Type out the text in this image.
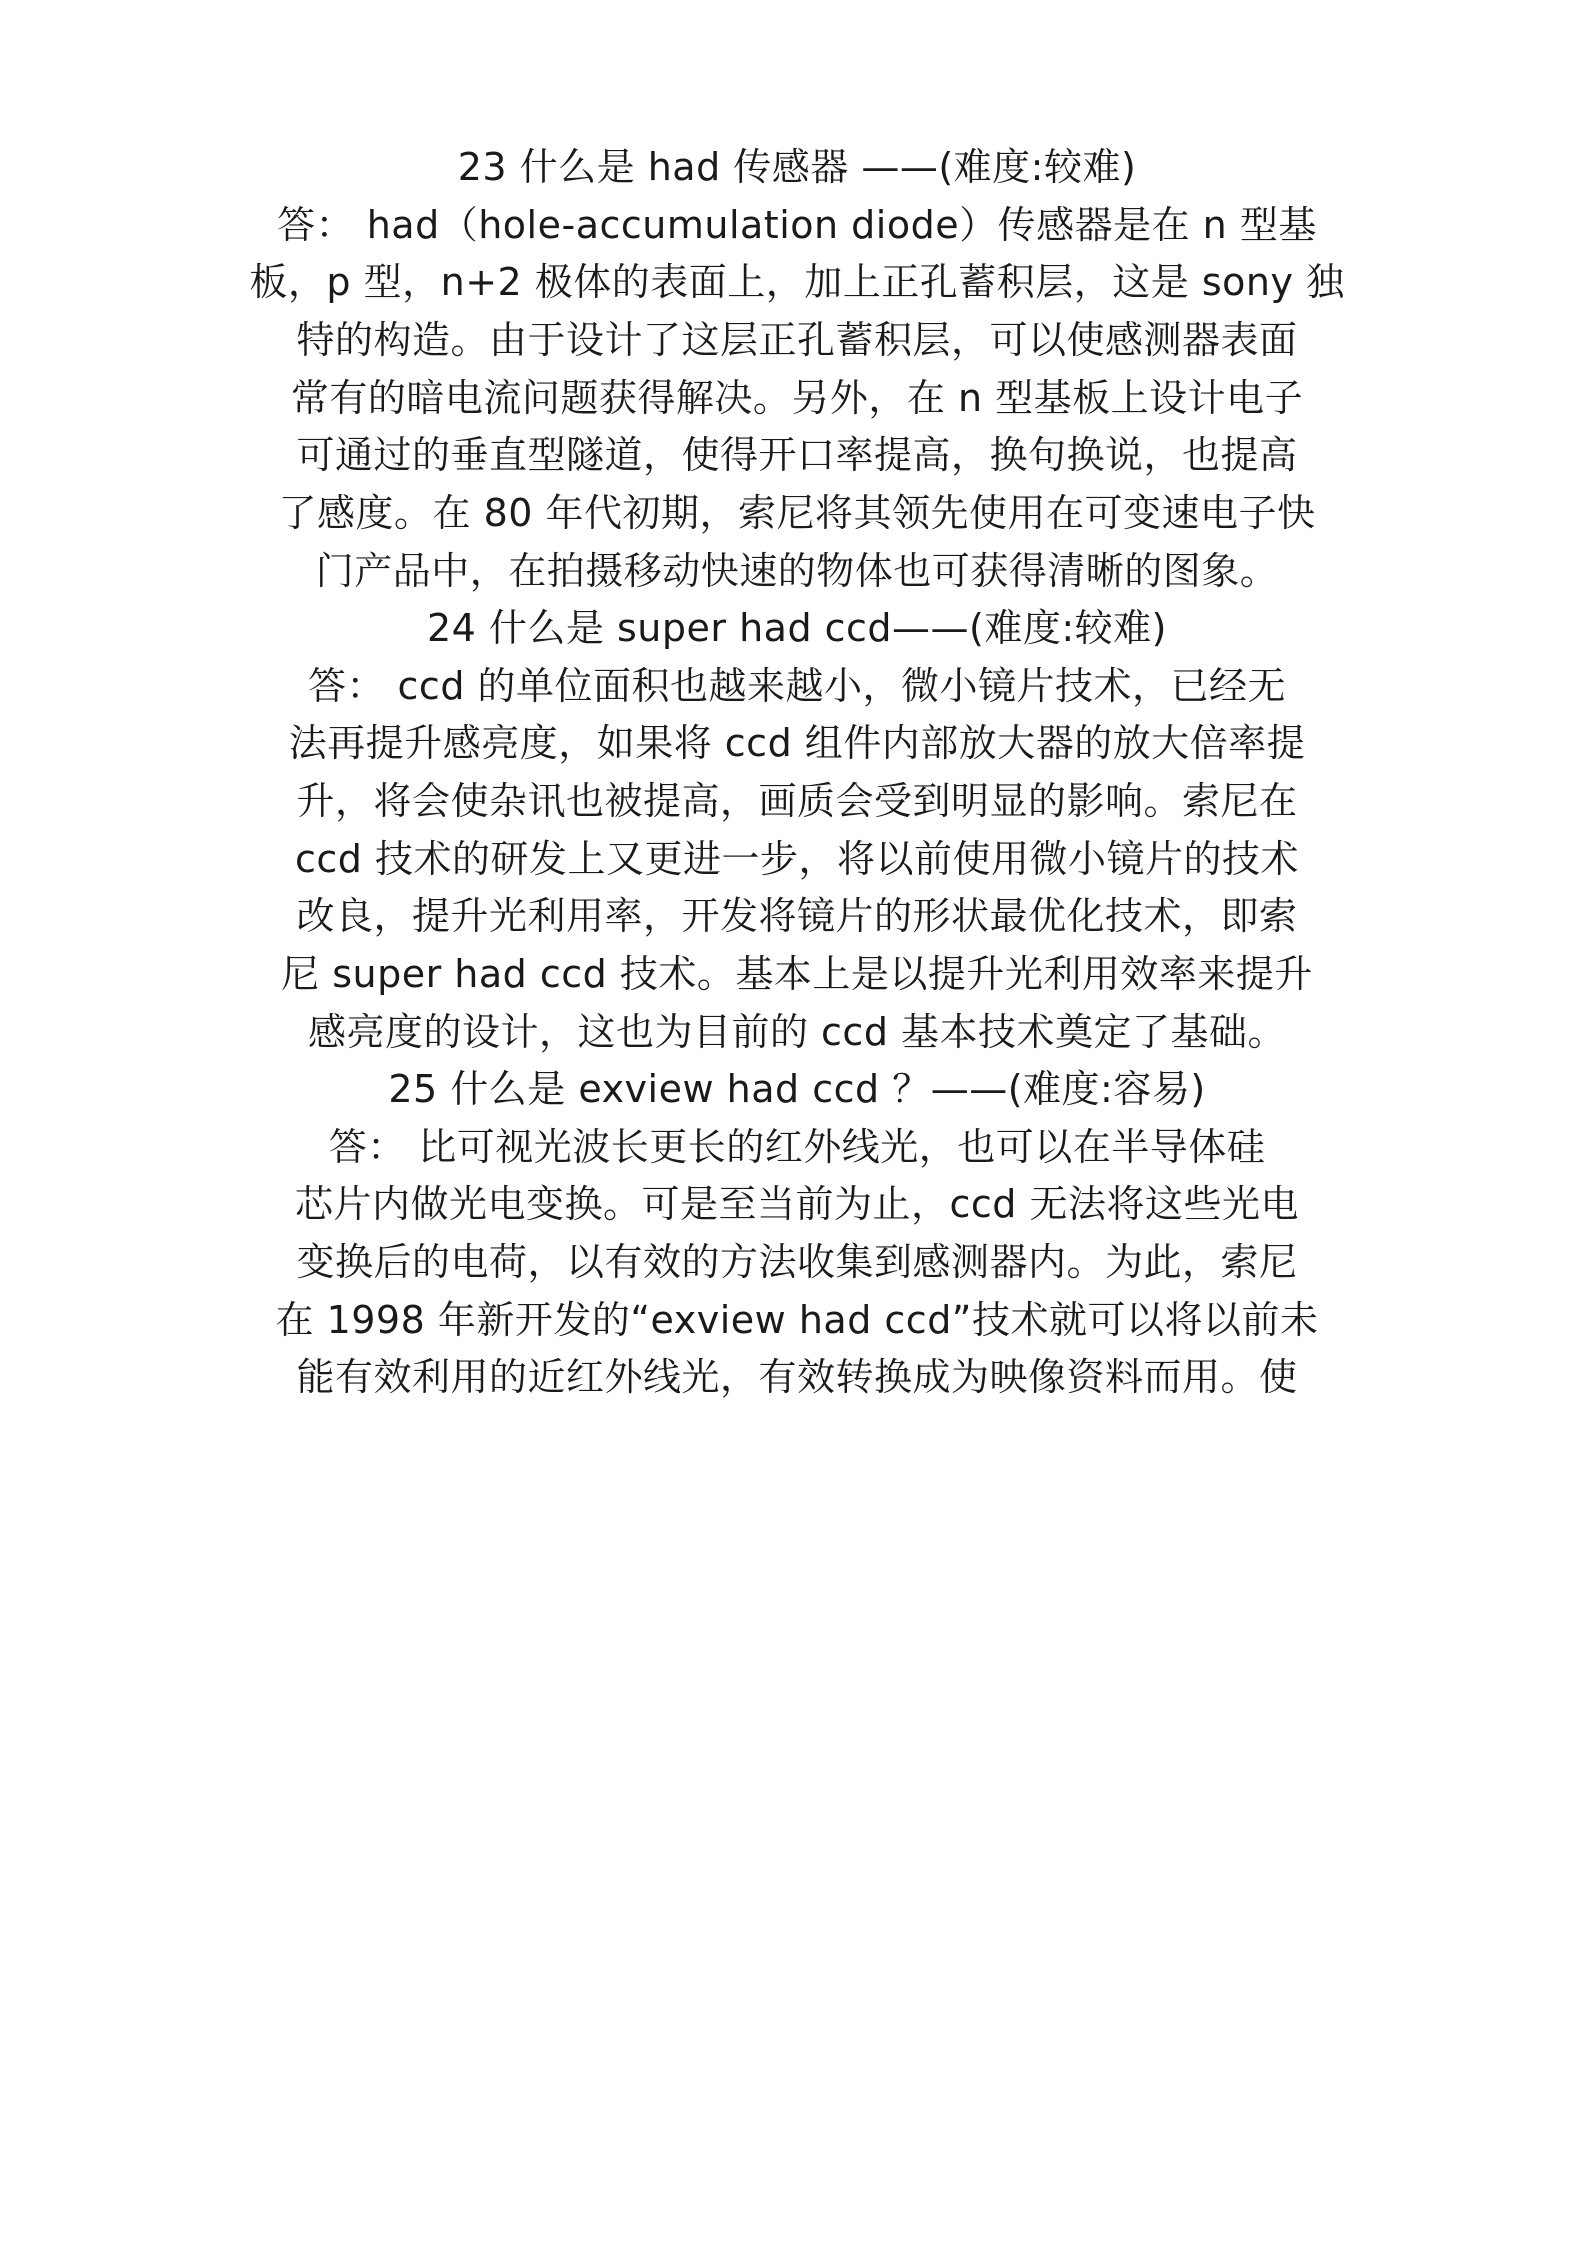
23 什么是 had 传感器 ——(难度:较难)
答： had（hole-accumulation diode）传感器是在 n 型基
板，p 型，n+2 极体的表面上，加上正孔蓄积层，这是 sony 独
特的构造。由于设计了这层正孔蓄积层，可以使感测器表面
常有的暗电流问题获得解决。另外，在 n 型基板上设计电子
可通过的垂直型隧道，使得开口率提高，换句换说，也提高
了感度。在 80 年代初期，索尼将其领先使用在可变速电子快
门产品中，在拍摄移动快速的物体也可获得清晰的图象。
24 什么是 super had ccd——(难度:较难)
答： ccd 的单位面积也越来越小，微小镜片技术，已经无
法再提升感亮度，如果将 ccd 组件内部放大器的放大倍率提
升，将会使杂讯也被提高，画质会受到明显的影响。索尼在
ccd 技术的研发上又更进一步，将以前使用微小镜片的技术
改良，提升光利用率，开发将镜片的形状最优化技术，即索
尼 super had ccd 技术。基本上是以提升光利用效率来提升
感亮度的设计，这也为目前的 ccd 基本技术奠定了基础。
25 什么是 exview had ccd ？——(难度:容易)
答： 比可视光波长更长的红外线光，也可以在半导体硅
芯片内做光电变换。可是至当前为止，ccd 无法将这些光电
变换后的电荷，以有效的方法收集到感测器内。为此，索尼
在 1998 年新开发的“exview had ccd”技术就可以将以前未
能有效利用的近红外线光，有效转换成为映像资料而用。使
